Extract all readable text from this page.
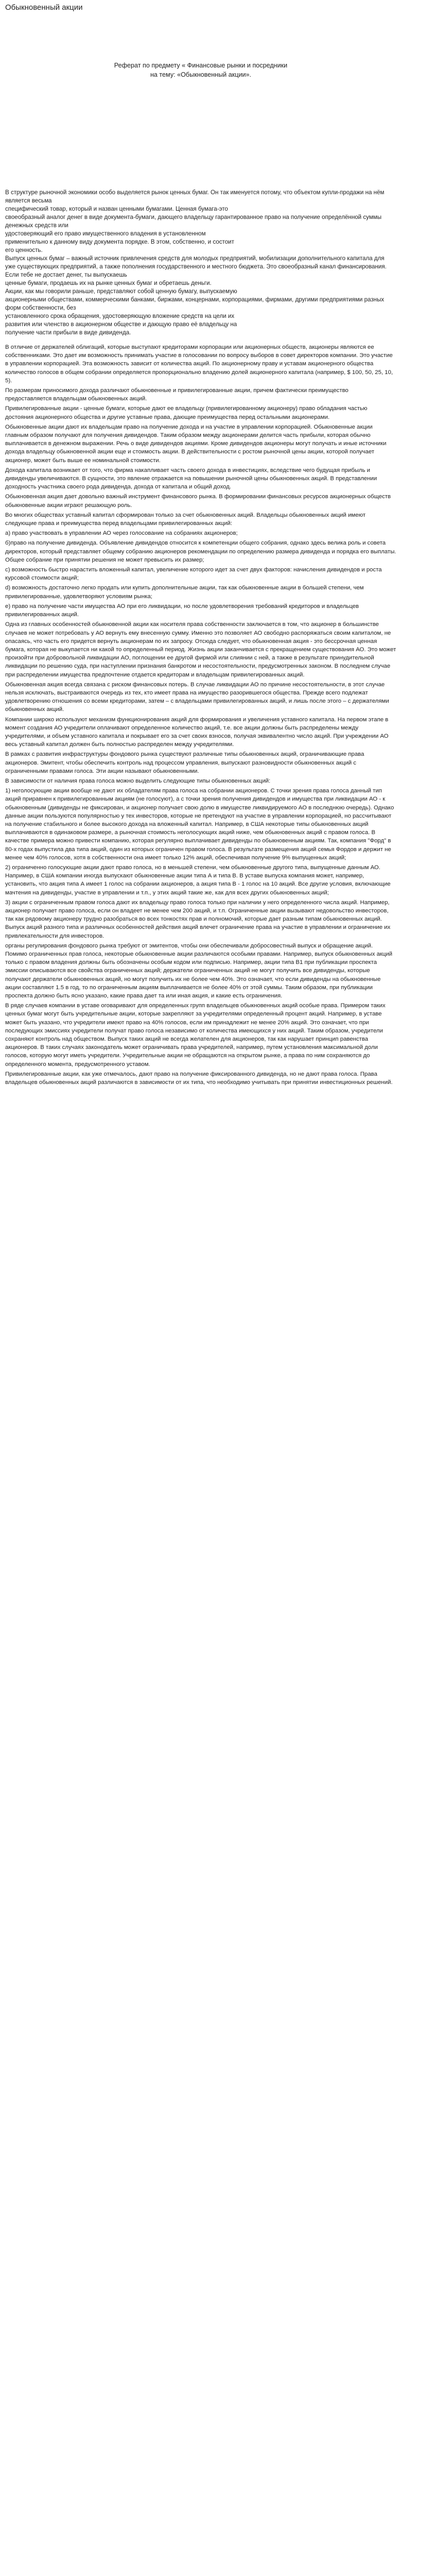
Обыкновенный акции

Реферат по предмету « Финансовые рынки и посредники

на тему: «Обыкновенный акции».

В структуре рыночной экономики особо выделяется рынок ценных бумаг. Он так именуется потому, что объектом купли-продажи на нём является весьма

специфический товар, который и назван ценными бумагами. Ценная бумага-это

своеобразный аналог денег в виде документа-бумаги, дающего владельцу гарантированное право на получение определённой суммы денежных средств или

удостоверяющий его право имущественного владения в установленном

применительно к данному виду документа порядке. В этом, собственно, и состоит

его ценность.

Выпуск ценных бумаг – важный источник привлечения средств для молодых предприятий, мобилизации дополнительного капитала для уже существующих предприятий, а также пополнения государственного и местного бюджета. Это своеобразный канал финансирования. Если тебе не достает денег, ты выпускаешь

ценные бумаги, продаешь их на рынке ценных бумаг и обретаешь деньги.

Акции, как мы говорили раньше, представляют собой ценную бумагу, выпускаемую

акционерными обществами, коммерческими банками, биржами, концернами, корпорациями, фирмами, другими предприятиями разных форм собственности, без

установленного срока обращения, удостоверяющую вложение средств на цели их

развития или членство в акционерном обществе и дающую право её владельцу на

получение части прибыли в виде дивиденда.

В отличие от держателей облигаций, которые выступают кредиторами корпорации или акционерных обществ, акционеры являются ее собственниками. Это дает им возможность принимать участие в голосовании по вопросу выборов в совет директоров компании. Это участие в управлении корпорацией. Эта возможность зависит от количества акций. По акционерному праву и уставам акционерного общества количество голосов в общем собрании определяется пропорционально владению долей акционерного капитала (например, $ 100, 50, 25, 10, 5).

По размерам приносимого дохода различают обыкновенные и привилегированные акции, причем фактически преимущество предоставляется владельцам обыкновенных акций.

Привилегированные акции - ценные бумаги, которые дают ее владельцу (привилегированному акционеру) право обладания частью достояния акционерного общества и другие уставные права, дающие преимущества перед остальными акционерами.

Обыкновенные акции дают их владельцам право на получение дохода и на участие в управлении корпорацией. Обыкновенные акции главным образом получают для получения дивидендов. Таким образом между акционерами делится часть прибыли, которая обычно выплачивается в денежном выражении. Речь о виде дивидендов акциями. Кроме дивидендов акционеры могут получать и иные источники дохода владельцу обыкновенной акции еще и стоимость акции. В действительности с ростом рыночной цены акции, которой получает акционер, может быть выше ее номинальной стоимости.

Дохода капитала возникает от того, что фирма накапливает часть своего дохода в инвестициях, вследствие чего будущая прибыль и дивиденды увеличиваются. В сущности, это явление отражается на повышении рыночной цены обыкновенных акций. В представлении доходность участника своего рода дивиденда, дохода от капитала и общий доход.

Обыкновенная акция дает довольно важный инструмент финансового рынка. В формировании финансовых ресурсов акционерных обществ обыкновенные акции играют решающую роль.

Во многих обществах уставный капитал сформирован только за счет обыкновенных акций. Владельцы обыкновенных акций имеют следующие права и преимущества перед владельцами привилегированных акций:

а) право участвовать в управлении АО через голосование на собраниях акционеров;

б)право на получение дивиденда. Объявление дивидендов относится к компетенции общего собрания, однако здесь велика роль и совета директоров, который представляет общему собранию акционеров рекомендации по определению размера дивиденда и порядка его выплаты. Общее собрание при принятии решения не может превысить их размер;

с) возможность быстро нарастить вложенный капитал, увеличение которого идет за счет двух факторов: начисления дивидендов и роста курсовой стоимости акций;

d) возможность достаточно легко продать или купить дополнительные акции, так как обыкновенные акции в большей степени, чем привилегированные, удовлетворяют условиям рынка;

е) право на получение части имущества АО при его ликвидации, но после удовлетворения требований кредиторов и владельцев привилегированных акций.

Одна из главных особенностей обыкновенной акции как носителя права собственности заключается в том, что акционер в большинстве случаев не может потребовать у АО вернуть ему внесенную сумму. Именно это позволяет АО свободно распоряжаться своим капиталом, не опасаясь, что часть его придется вернуть акционерам по их запросу. Отсюда следует, что обыкновенная акция - это бессрочная ценная бумага, которая не выкупается ни какой то определенный период. Жизнь акции заканчивается с прекращением существования АО. Это может произойти при добровольной ликвидации АО, поглощении ее другой фирмой или слиянии с ней, а также в результате принудительной ликвидации по решению суда, при наступлении признания банкротом и несостоятельности, предусмотренных законом. В последнем случае при распределении имущества предпочтение отдается кредиторам и владельцам привилегированных акций.

Обыкновенная акция всегда связана с риском финансовых потерь. В случае ликвидации АО по причине несостоятельности, в этот случае нельзя исключать, выстраиваются очередь из тех, кто имеет права на имущество разорившегося общества. Прежде всего подлежат удовлетворению отношения со всеми кредиторами, затем – с владельцами привилегированных акций, и лишь после этого – с держателями обыкновенных акций.

Компании широко используют механизм функционирования акций для формирования и увеличения уставного капитала. На первом этапе в момент создания АО учредители оплачивают определенное количество акций, т.е. все акции должны быть распределены между учредителями, и объем уставного капитала и покрывает его за счет своих взносов, получая эквивалентно число акций. При учреждении АО весь уставный капитал должен быть полностью распределен между учредителями.

В рамках с развития инфраструктуры фондового рынка существуют различные типы обыкновенных акций, ограничивающие права акционеров. Эмитент, чтобы обеспечить контроль над процессом управления, выпускают разновидности обыкновенных акций с ограниченными правами голоса. Эти акции называют обыкновенными.

В зависимости от наличия права голоса можно выделить следующие типы обыкновенных акций:

1) неголосующие акции вообще не дают их обладателям права голоса на собрании акционеров. С точки зрения права голоса данный тип акций приравнен к привилегированным акциям (не голосуют), а с точки зрения получения дивидендов и имущества при ликвидации АО - к обыкновенным (дивиденды не фиксирован, и акционер получает свою долю в имуществе ликвидируемого АО в последнюю очередь). Однако данные акции пользуются популярностью у тех инвесторов, которые не претендуют на участие в управлении корпорацией, но рассчитывают на получение стабильного и более высокого дохода на вложенный капитал. Например, в США некоторые типы обыкновенных акций выплачиваются в одинаковом размере, а рыночная стоимость неголосующих акций ниже, чем обыкновенных акций с правом голоса. В качестве примера можно привести компанию, которая регулярно выплачивает дивиденды по обыкновенным акциям. Так, компания "Форд" в 80-х годах выпустила два типа акций, один из которых ограничен правом голоса. В результате размещения акций семья Фордов и держит не менее чем 40% голосов, хотя в собственности она имеет только 12% акций, обеспечивая получение 9% выпущенных акций;

2) ограниченно голосующие акции дают право голоса, но в меньшей степени, чем обыкновенные другого типа, выпущенные данным АО. Например, в США компании иногда выпускают обыкновенные акции типа А и типа В. В уставе выпуска компания может, например, установить, что акция типа А имеет 1 голос на собрании акционеров, а акция типа В - 1 голос на 10 акций. Все другие условия, включающие мачтения на дивиденды, участие в управлении и т.п., у этих акций такие же, как для всех других обыкновенных акций;

3) акции с ограниченным правом голоса дают их владельцу право голоса только при наличии у него определенного числа акций. Например, акционер получает право голоса, если он владеет не менее чем 200 акций, и т.п. Ограниченные акции вызывают недовольство инвесторов, так как рядовому акционеру трудно разобраться во всех тонкостях прав и полномочий, которые дает разным типам обыкновенных акций. Выпуск акций разного типа и различных особенностей действия акций влечет ограничение права на участие в управлении и ограничение их привлекательности для инвесторов.

органы регулирования фондового рынка требуют от эмитентов, чтобы они обеспечивали добросовестный выпуск и обращение акций. Помимо ограниченных прав голоса, некоторые обыкновенные акции различаются особыми правами. Например, выпуск обыкновенных акций только с правом владения должны быть обозначены особым кодом или подписью. Например, акции типа B1 при публикации проспекта эмиссии описываются все свойства ограниченных акций; держатели ограниченных акций не могут получить все дивиденды, которые получают держатели обыкновенных акций, но могут получить их не более чем 40%. Это означает, что если дивиденды на обыкновенные акции составляют 1.5 в год, то по ограниченным акциям выплачивается не более 40% от этой суммы. Таким образом, при публикации проспекта должно быть ясно указано, какие права дает та или иная акция, и какие есть ограничения.

В ряде случаев компании в уставе оговаривают для определенных групп владельцев обыкновенных акций особые права. Примером таких ценных бумаг могут быть учредительные акции, которые закрепляют за учредителями определенный процент акций. Например, в уставе может быть указано, что учредители имеют право на 40% голосов, если им принадлежит не менее 20% акций. Это означает, что при последующих эмиссиях учредители получат право голоса независимо от количества имеющихся у них акций. Таким образом, учредители сохраняют контроль над обществом. Выпуск таких акций не всегда желателен для акционеров, так как нарушает принцип равенства акционеров. В таких случаях законодатель может ограничивать права учредителей, например, путем установления максимальной доли голосов, которую могут иметь учредители. Учредительные акции не обращаются на открытом рынке, а права по ним сохраняются до определенного момента, предусмотренного уставом.

Привилегированные акции, как уже отмечалось, дают право на получение фиксированного дивиденда, но не дают права голоса. Права владельцев обыкновенных акций различаются в зависимости от их типа, что необходимо учитывать при принятии инвестиционных решений.
